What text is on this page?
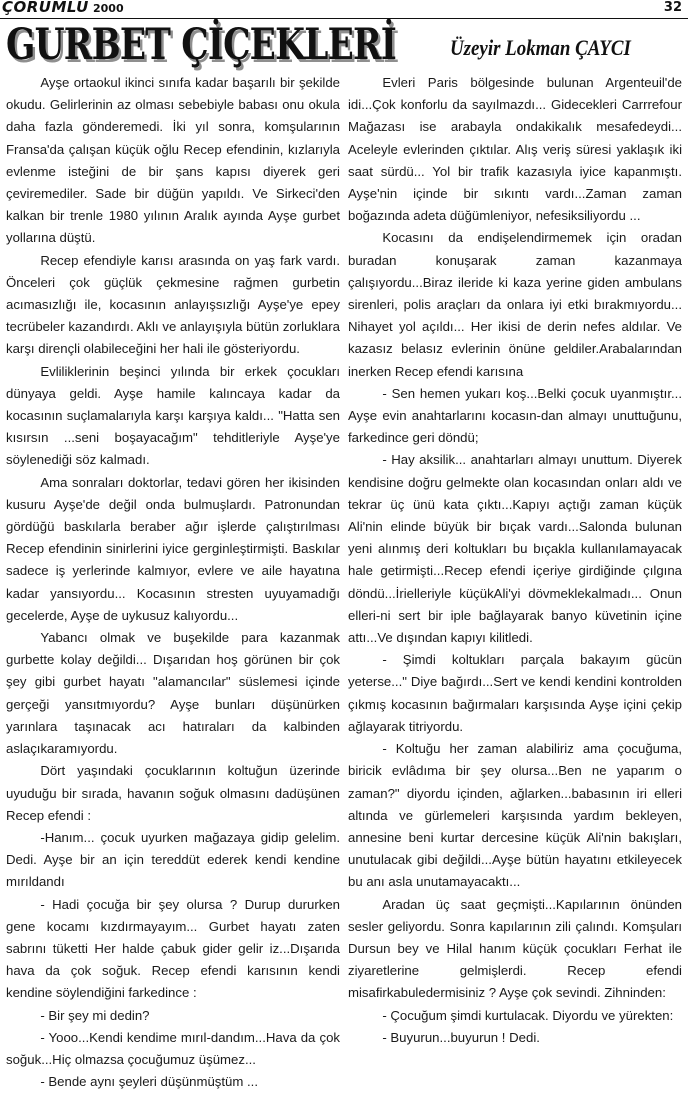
ÇORUMLU 2000	32
GURBET ÇİÇEKLERİ Üzeyir Lokman ÇAYCI

Ayşe ortaokul ikinci sınıfa kadar başarılı bir şekilde okudu. Gelirlerinin az olması sebebiyle babası onu okula daha fazla gönderemedi. İki yıl sonra, komşularının Fransa'da çalışan küçük oğlu Recep efendinin, kızlarıyla evlenme isteğini de bir şans kapısı diyerek geri çeviremediler. Sade bir düğün yapıldı. Ve Sirkeci'den kalkan bir trenle 1980 yılının Aralık ayında Ayşe gurbet yollarına düştü.

Recep efendiyle karısı arasında on yaş fark vardı. Önceleri çok güçlük çekmesine rağmen gurbetin acımasızlığı ile, kocasının anlayışsızlığı Ayşe'ye epey tecrübeler kazandırdı. Aklı ve anlayışıyla bütün zorluklara karşı dirençli olabileceğini her hali ile gösteriyordu.

Evliliklerinin beşinci yılında bir erkek çocukları dünyaya geldi. Ayşe hamile kalıncaya kadar da kocasının suçlamalarıyla karşı karşıya kaldı... "Hatta sen kısırsın ...seni boşayacağım" tehditleriyle Ayşe'ye söylenediği söz kalmadı.

Ama sonraları doktorlar, tedavi gören her ikisinden kusuru Ayşe'de değil onda bulmuşlardı. Patronundan gördüğü baskılarla beraber ağır işlerde çalıştırılması Recep efendinin sinirlerini iyice gerginleştirmişti. Baskılar sadece iş yerlerinde kalmıyor, evlere ve aile hayatına kadar yansıyordu... Kocasının stresten uyuyamadığı gecelerde, Ayşe de uykusuz kalıyordu...

Yabancı olmak ve buşekilde para kazanmak gurbette kolay değildi... Dışarıdan hoş görünen bir çok şey gibi gurbet hayatı "alamancılar" süslemesi içinde gerçeği yansıtmıyordu? Ayşe bunları düşünürken yarınlara taşınacak acı hatıraları da kalbinden aslaçıkaramıyordu.

Dört yaşındaki çocuklarının koltuğun üzerinde uyuduğu bir sırada, havanın soğuk olmasını dadüşünen Recep efendi :

-Hanım... çocuk uyurken mağazaya gidip gelelim. Dedi. Ayşe bir an için tereddüt ederek kendi kendine mırıldandı

- Hadi çocuğa bir şey olursa ? Durup dururken gene kocamı kızdırmayayım... Gurbet hayatı zaten sabrını tüketti Her halde çabuk gider gelir iz...Dışarıda hava da çok soğuk. Recep efendi karısının kendi kendine söylendiğini farkedince :

- Bir şey mi dedin?

- Yooo...Kendi kendime mırıl-dandım...Hava da çok soğuk...Hiç olmazsa çocuğumuz üşümez...

- Bende aynı şeyleri düşünmüştüm ...

Evleri Paris bölgesinde bulunan Argenteuil'de idi...Çok konforlu da sayılmazdı... Gidecekleri Carrrefour Mağazası ise arabayla ondakikalık mesafedeydi... Aceleyle evlerinden çıktılar. Alış veriş süresi yaklaşık iki saat sürdü... Yol bir trafik kazasıyla iyice kapanmıştı. Ayşe'nin içinde bir sıkıntı vardı...Zaman zaman boğazında adeta düğümleniyor, nefesiksiliyordu ...

Kocasını da endişelendirmemek için oradan buradan konuşarak zaman kazanmaya çalışıyordu...Biraz ileride ki kaza yerine giden ambulans sirenleri, polis araçları da onlara iyi etki bırakmıyordu... Nihayet yol açıldı... Her ikisi de derin nefes aldılar. Ve kazasız belasız evlerinin önüne geldiler.Arabalarından inerken Recep efendi karısına

- Sen hemen yukarı koş...Belki çocuk uyanmıştır... Ayşe evin anahtarlarını kocasın-dan almayı unuttuğunu, farkedince geri döndü;

- Hay aksilik... anahtarları almayı unuttum. Diyerek kendisine doğru gelmekte olan kocasından onları aldı ve tekrar üç ünü kata çıktı...Kapıyı açtığı zaman küçük Ali'nin elinde büyük bir bıçak vardı...Salonda bulunan yeni alınmış deri koltukları bu bıçakla kullanılamayacak hale getirmişti...Recep efendi içeriye girdiğinde çılgına döndü...İrielleriyle küçükAli'yi dövmeklekalmadı... Onun elleri-ni sert bir iple bağlayarak banyo küvetinin içine attı...Ve dışından kapıyı kilitledi.

- Şimdi koltukları parçala bakayım gücün yeterse..." Diye bağırdı...Sert ve kendi kendini kontrolden çıkmış kocasının bağırmaları karşısında Ayşe içini çekip ağlayarak titriyordu.

- Koltuğu her zaman alabiliriz ama çocuğuma, biricik evlâdıma bir şey olursa...Ben ne yaparım o zaman?" diyordu içinden, ağlarken...babasının iri elleri altında ve gürlemeleri karşısında yardım bekleyen, annesine beni kurtar dercesine küçük Ali'nin bakışları, unutulacak gibi değildi...Ayşe bütün hayatını etkileyecek bu anı asla unutamayacaktı...

Aradan üç saat geçmişti...Kapılarının önünden sesler geliyordu. Sonra kapılarının zili çalındı. Komşuları Dursun bey ve Hilal hanım küçük çocukları Ferhat ile ziyaretlerine gelmişlerdi. Recep efendi misafirkabuledermisiniz ? Ayşe çok sevindi. Zihninden:

- Çocuğum şimdi kurtulacak. Diyordu ve yürekten:

- Buyurun...buyurun ! Dedi.
